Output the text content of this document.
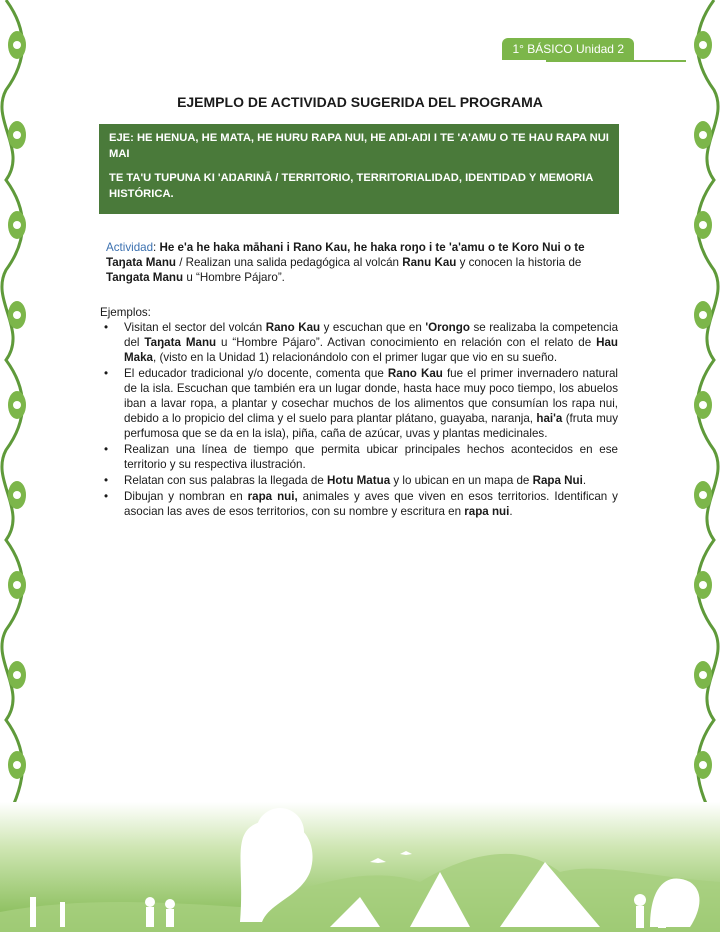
1° BÁSICO Unidad 2
EJEMPLO DE ACTIVIDAD SUGERIDA DEL PROGRAMA

EJE: HE HENUA, HE MATA, HE HURU RAPA NUI, HE AŊI-AŊI I TE 'A'AMU O TE HAU RAPA NUI MAI

TE TA'U TUPUNA KI 'AŊARINĀ / TERRITORIO, TERRITORIALIDAD, IDENTIDAD Y MEMORIA HISTÓRICA.

Actividad: He e'a he haka māhani i Rano Kau, he haka roŋo i te 'a'amu o te Koro Nui o te Taŋata Manu / Realizan una salida pedagógica al volcán Ranu Kau y conocen la historia de Tangata Manu u “Hombre Pájaro”.
Ejemplos:
• Visitan el sector del volcán Rano Kau y escuchan que en 'Orongo se realizaba la competencia del Taŋata Manu u “Hombre Pájaro”. Activan conocimiento en relación con el relato de Hau Maka, (visto en la Unidad 1) relacionándolo con el primer lugar que vio en su sueño.
• El educador tradicional y/o docente, comenta que Rano Kau fue el primer invernadero natural de la isla. Escuchan que también era un lugar donde, hasta hace muy poco tiempo, los abuelos iban a lavar ropa, a plantar y cosechar muchos de los alimentos que consumían los rapa nui, debido a lo propicio del clima y el suelo para plantar plátano, guayaba, naranja, hai'a (fruta muy perfumosa que se da en la isla), piña, caña de azúcar, uvas y plantas medicinales.
• Realizan una línea de tiempo que permita ubicar principales hechos acontecidos en ese territorio y su respectiva ilustración.
• Relatan con sus palabras la llegada de Hotu Matua y lo ubican en un mapa de Rapa Nui.
• Dibujan y nombran en rapa nui, animales y aves que viven en esos territorios. Identifican y asocian las aves de esos territorios, con su nombre y escritura en rapa nui.
